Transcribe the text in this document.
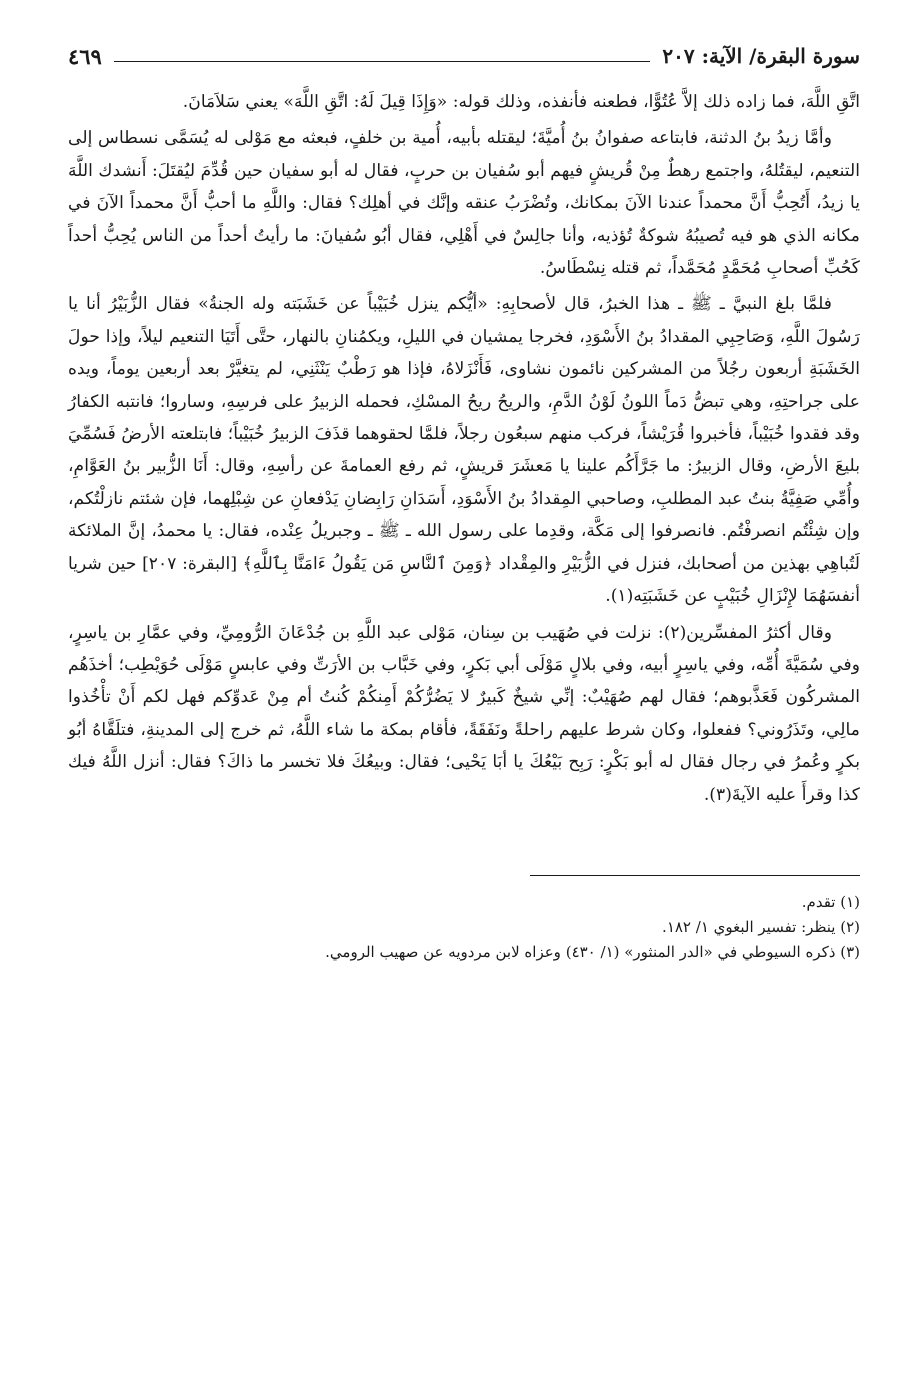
سورة البقرة/ الآية: ٢٠٧
٤٦٩

اتَّقِ اللَّهَ، فما زاده ذلك إلاَّ عُتُوًّا، فطعنه فأنفذه، وذلك قوله: «وَإِذَا قِيلَ لَهُ: اتَّقِ اللَّهَ» يعني سَلاَمَانَ.

وأمَّا زيدُ بنُ الدثنة، فابتاعه صفوانُ بنُ أُميَّةَ؛ ليقتله بأبيه، أُمية بن خلفٍ، فبعثه مع مَوْلى له يُسَمَّى نسطاس إلى التنعيم، ليقتُلهُ، واجتمع رهطٌ مِنْ قُريشٍ فيهم أبو سُفيان بن حربٍ، فقال له أبو سفيان حين قُدِّمَ ليُقتَلَ: أَنشدك اللَّهَ يا زيدُ، أَتُحِبُّ أَنَّ محمداً عندنا الآنَ بمكانك، وتُضْرَبُ عنقه وإنَّك في أهلِك؟ فقال: واللَّهِ ما أحبُّ أَنَّ محمداً الآنَ في مكانه الذي هو فيه تُصيبُهُ شوكةٌ تُؤذيه، وأنا جالِسٌ في أَهْلِي، فقال أبُو سُفيانَ: ما رأيتُ أحداً من الناس يُحِبُّ أحداً كَحُبِّ أصحابِ مُحَمَّدٍ مُحَمَّداً، ثم قتله نِسْطَاسُ.

فلمَّا بلغ النبيَّ ـ ﷺ ـ هذا الخبرُ، قال لأصحابِهِ: «أيُّكم ينزل خُبَيْباً عن خَشَبَته وله الجنةُ» فقال الزُّبَيْرُ أنا يا رَسُولَ اللَّهِ، وَصَاحِبِي المقدادُ بنُ الأَسْوَدِ، فخرجا يمشيان في الليلِ، ويكمُنانِ بالنهار، حتَّى أَتَيَا التنعيم ليلاً، وإذا حولَ الخَشَبَةِ أربعون رجُلاً من المشركين نائمون نشاوى، فَأَنْزَلاهُ، فإذا هو رَطْبٌ يَنْثَنِي، لم يتغيَّرْ بعد أربعين يوماً، ويده على جراحتِهِ، وهي تبضُّ دَماً اللونُ لَوْنُ الدَّمِ، والريحُ ريحُ المسْكِ، فحمله الزبيرُ على فرسِهِ، وساروا؛ فانتبه الكفارُ وقد فقدوا خُبَيْباً، فأخبروا قُرَيْشاً، فركب منهم سبعُون رجلاً، فلمَّا لحقوهما قذَفَ الزبيرُ خُبَيْباً؛ فابتلعته الأرضُ فَسُمِّيَ بليعَ الأرضِ، وقال الزبيرُ: ما جَرَّأَكُم علينا يا مَعشَرَ قريشٍ، ثم رفع العمامةَ عن رأسِهِ، وقال: أَنَا الزُّبير بنُ العَوَّامِ، وأُمِّي صَفِيَّةُ بنتُ عبد المطلبِ، وصاحبي المِقدادُ بنُ الأَسْوَدِ، أَسَدَانِ رَابِضانِ يَدْفعانِ عن شِبْلِهما، فإن شئتم نازلْتُكم، وإن شِئْتُم انصرفْتُم. فانصرفوا إلى مَكَّة، وقدِما على رسول الله ـ ﷺ ـ وجبريلُ عِنْده، فقال: يا محمدُ، إنَّ الملائكة لَتُباهِي بهذين من أصحابك، فنزل في الزُّبَيْرِ والمِقْداد ﴿وَمِنَ ٱلنَّاسِ مَن يَقُولُ ءَامَنَّا بِٱللَّهِ﴾ [البقرة: ٢٠٧] حين شريا أنفسَهُمَا لإِنْزَالِ خُبَيْبٍ عن خَشَبَتِه(١).

وقال أكثرُ المفسِّرين(٢): نزلت في صُهَيب بن سِنان، مَوْلى عبد اللَّهِ بن جُدْعَانَ الرُّومِيِّ، وفي عمَّارِ بن ياسِرٍ، وفي سُمَيَّةَ أُمِّه، وفي ياسِرٍ أبيه، وفي بلالٍ مَوْلَى أبي بَكرٍ، وفي خَبَّاب بن الأرَتِّ وفي عابسٍ مَوْلَى حُوَيْطِب؛ أخذَهُم المشركُون فَعَذَّبوهم؛ فقال لهم صُهَيْبٌ: إنِّي شيخٌ كَبيرٌ لا يَضُرُّكُمْ أَمِنكُمْ كُنتُ أم مِنْ عَدوِّكم فهل لكم أَنْ تأْخُذوا مالِي، وتَذَرُوني؟ ففعلوا، وكان شرط عليهم راحلةً ونَفَقَةً، فأقام بمكة ما شاء اللَّهُ، ثم خرج إلى المدينةِ، فتلَقَّاهُ أبُو بكرٍ وعُمرُ في رجال فقال له أبو بَكْرٍ: رَبِح بَيْعُكَ يا أبَا يَحْيى؛ فقال: وبيعُكَ فلا تخسر ما ذاكَ؟ فقال: أنزل اللَّهُ فيك كذا وقرأَ عليه الآيةَ(٣).

(١) تقدم.
(٢) ينظر: تفسير البغوي ١/ ١٨٢.
(٣) ذكره السيوطي في «الدر المنثور» (١/ ٤٣٠) وعزاه لابن مردويه عن صهيب الرومي.
